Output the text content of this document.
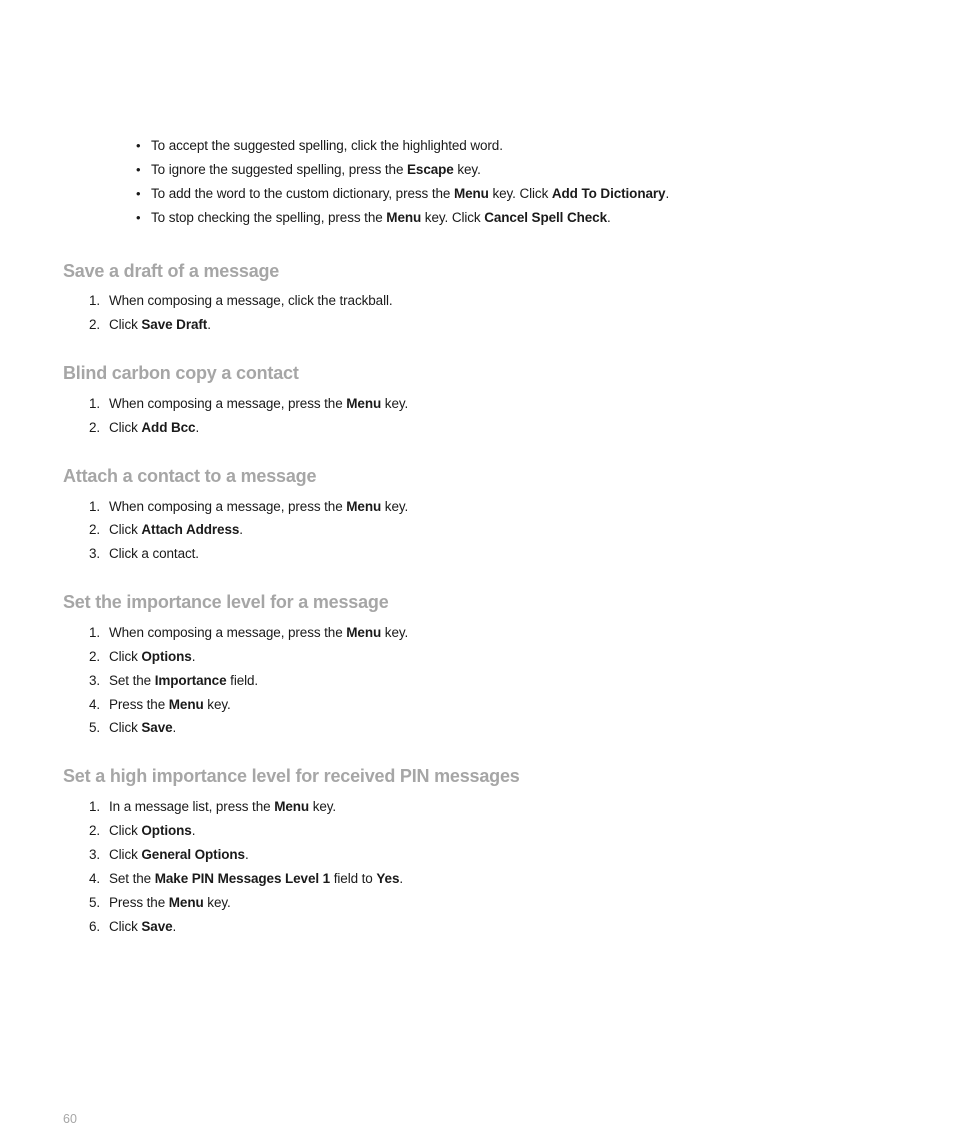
• To accept the suggested spelling, click the highlighted word.
• To ignore the suggested spelling, press the Escape key.
• To add the word to the custom dictionary, press the Menu key. Click Add To Dictionary.
• To stop checking the spelling, press the Menu key. Click Cancel Spell Check.
Save a draft of a message
1. When composing a message, click the trackball.
2. Click Save Draft.
Blind carbon copy a contact
1. When composing a message, press the Menu key.
2. Click Add Bcc.
Attach a contact to a message
1. When composing a message, press the Menu key.
2. Click Attach Address.
3. Click a contact.
Set the importance level for a message
1. When composing a message, press the Menu key.
2. Click Options.
3. Set the Importance field.
4. Press the Menu key.
5. Click Save.
Set a high importance level for received PIN messages
1. In a message list, press the Menu key.
2. Click Options.
3. Click General Options.
4. Set the Make PIN Messages Level 1 field to Yes.
5. Press the Menu key.
6. Click Save.
60
